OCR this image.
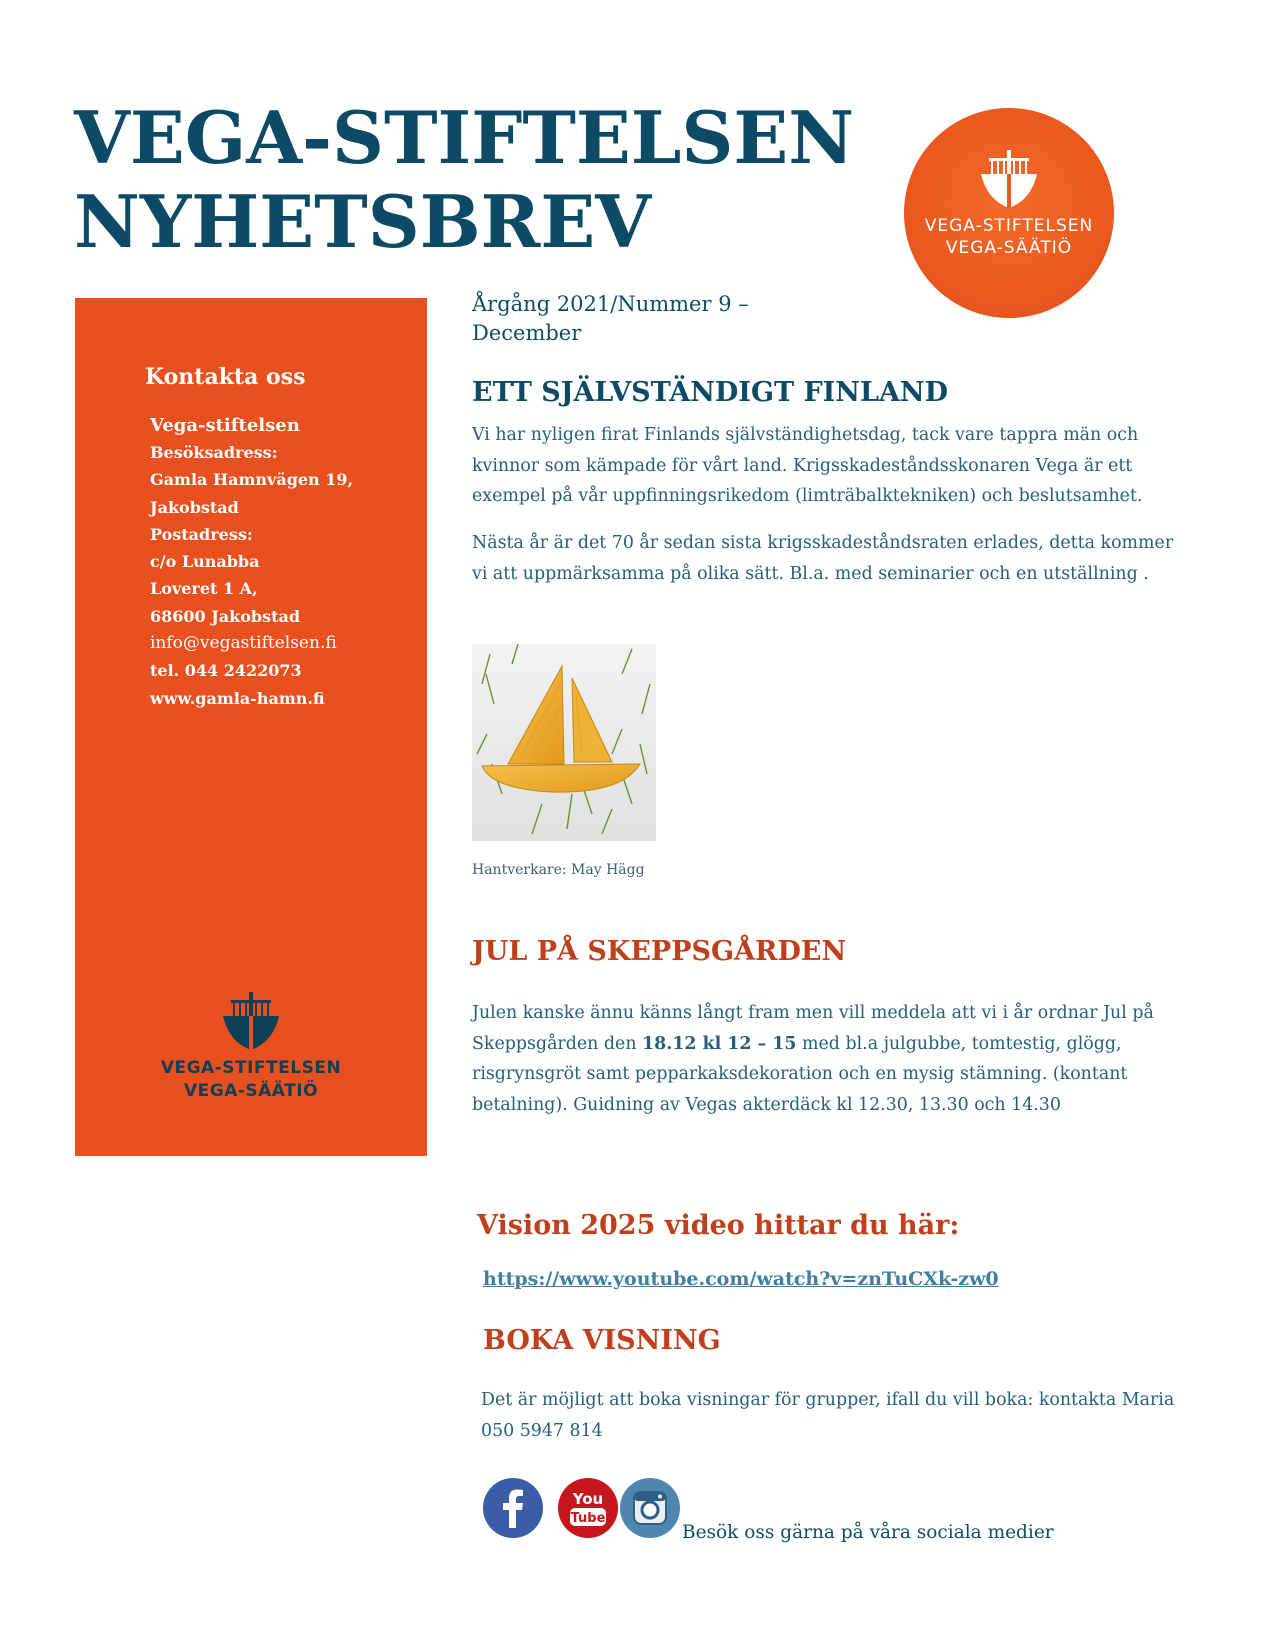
VEGA-STIFTELSEN
NYHETSBREV	VEGA-STIFTELSEN
VEGA-SÄÄTIÖ
Kontakta oss
Vega-stiftelsen
Besöksadress:
Gamla Hamnvägen 19,
Jakobstad
Postadress:
c/o Lunabba
Loveret 1 A,
68600 Jakobstad
info@vegastiftelsen.fi
tel. 044 2422073
www.gamla-hamn.fi
VEGA-STIFTELSEN
VEGA-SÄÄTIÖ

Årgång 2021/Nummer 9 –
December

ETT SJÄLVSTÄNDIGT FINLAND

Vi har nyligen firat Finlands självständighetsdag, tack vare tappra män och kvinnor som kämpade för vårt land. Krigsskadeståndsskonaren Vega är ett exempel på vår uppfinningsrikedom (limträbalktekniken) och beslutsamhet.

Nästa år är det 70 år sedan sista krigsskadeståndsraten erlades, detta kommer vi att uppmärksamma på olika sätt. Bl.a. med seminarier och en utställning .

Hantverkare: May Hägg

JUL PÅ SKEPPSGÅRDEN

Julen kanske ännu känns långt fram men vill meddela att vi i år ordnar Jul på Skeppsgården den 18.12 kl 12 – 15 med bl.a julgubbe, tomtestig, glögg, risgrynsgröt samt pepparkaksdekoration och en mysig stämning. (kontant betalning). Guidning av Vegas akterdäck kl 12.30, 13.30 och 14.30

Vision 2025 video hittar du här:
https://www.youtube.com/watch?v=znTuCXk-zw0
BOKA VISNING

Det är möjligt att boka visningar för grupper, ifall du vill boka: kontakta Maria
050 5947 814

You
Tube

Besök oss gärna på våra sociala medier
